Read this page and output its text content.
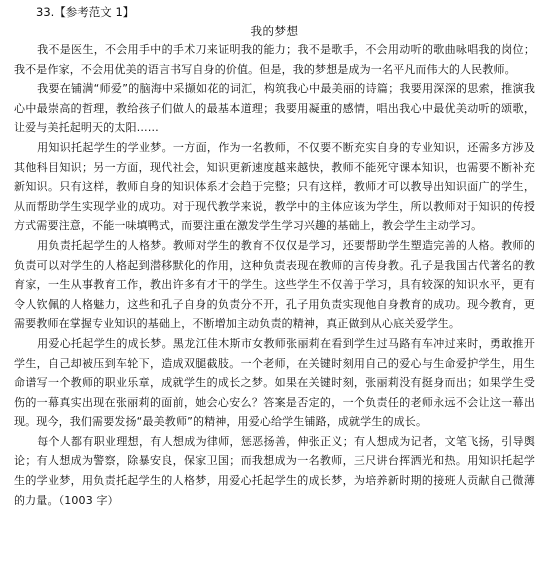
33.【参考范文 1】
我的梦想

我不是医生，不会用手中的手术刀来证明我的能力；我不是歌手，不会用动听的歌曲咏唱我的岗位；我不是作家，不会用优美的语言书写自身的价值。但是，我的梦想是成为一名平凡而伟大的人民教师。

我要在铺满“师爱”的脑海中采撷如花的词汇，构筑我心中最美丽的诗篇；我要用深深的思索，推演我心中最崇高的哲理，教给孩子们做人的最基本道理；我要用凝重的感情，唱出我心中最优美动听的颂歌，让爱与美托起明天的太阳……

用知识托起学生的学业梦。一方面，作为一名教师，不仅要不断充实自身的专业知识，还需多方涉及其他科目知识；另一方面，现代社会，知识更新速度越来越快，教师不能死守课本知识，也需要不断补充新知识。只有这样，教师自身的知识体系才会趋于完整；只有这样，教师才可以教导出知识面广的学生，从而帮助学生实现学业的成功。对于现代教学来说，教学中的主体应该为学生，所以教师对于知识的传授方式需要注意，不能一味填鸭式，而要注重在激发学生学习兴趣的基础上，教会学生主动学习。

用负责托起学生的人格梦。教师对学生的教育不仅仅是学习，还要帮助学生塑造完善的人格。教师的负责可以对学生的人格起到潜移默化的作用，这种负责表现在教师的言传身教。孔子是我国古代著名的教育家，一生从事教育工作，教出许多有才干的学生。这些学生不仅善于学习，具有较深的知识水平，更有令人钦佩的人格魅力，这些和孔子自身的负责分不开，孔子用负责实现他自身教育的成功。现今教育，更需要教师在掌握专业知识的基础上，不断增加主动负责的精神，真正做到从心底关爱学生。

用爱心托起学生的成长梦。黑龙江佳木斯市女教师张丽莉在看到学生过马路有车冲过来时，勇敢推开学生，自己却被压到车轮下，造成双腿截肢。一个老师，在关键时刻用自己的爱心与生命爱护学生，用生命谱写一个教师的职业乐章，成就学生的成长之梦。如果在关键时刻，张丽莉没有挺身而出；如果学生受伤的一幕真实出现在张丽莉的面前，她会心安么？答案是否定的，一个负责任的老师永远不会让这一幕出现。现今，我们需要发扬“最美教师”的精神，用爱心给学生铺路，成就学生的成长。

每个人都有职业理想，有人想成为律师，惩恶扬善，伸张正义；有人想成为记者，文笔飞扬，引导舆论；有人想成为警察，除暴安良，保家卫国；而我想成为一名教师，三尺讲台挥洒光和热。用知识托起学生的学业梦，用负责托起学生的人格梦，用爱心托起学生的成长梦，为培养新时期的接班人贡献自己微薄的力量。（1003 字）
